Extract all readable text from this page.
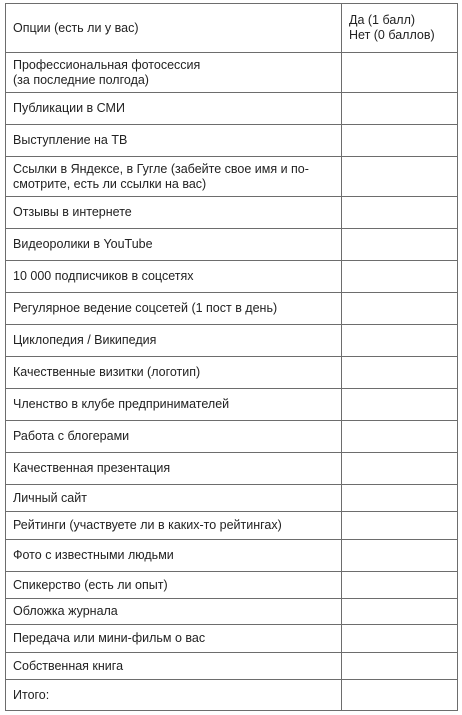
Опции (есть ли у вас)	Да (1 балл)
Нет (0 баллов)
Профессиональная фотосессия
(за последние полгода)	
Публикации в СМИ	
Выступление на ТВ	
Ссылки в Яндексе, в Гугле (забейте свое имя и по-
смотрите, есть ли ссылки на вас)	
Отзывы в интернете	
Видеоролики в YouTube	
10 000 подписчиков в соцсетях	
Регулярное ведение соцсетей (1 пост в день)	
Циклопедия / Википедия	
Качественные визитки (логотип)	
Членство в клубе предпринимателей	
Работа с блогерами	
Качественная презентация	
Личный сайт	
Рейтинги (участвуете ли в каких-то рейтингах)	
Фото с известными людьми	
Спикерство (есть ли опыт)	
Обложка журнала	
Передача или мини-фильм о вас	
Собственная книга	
Итого:	
